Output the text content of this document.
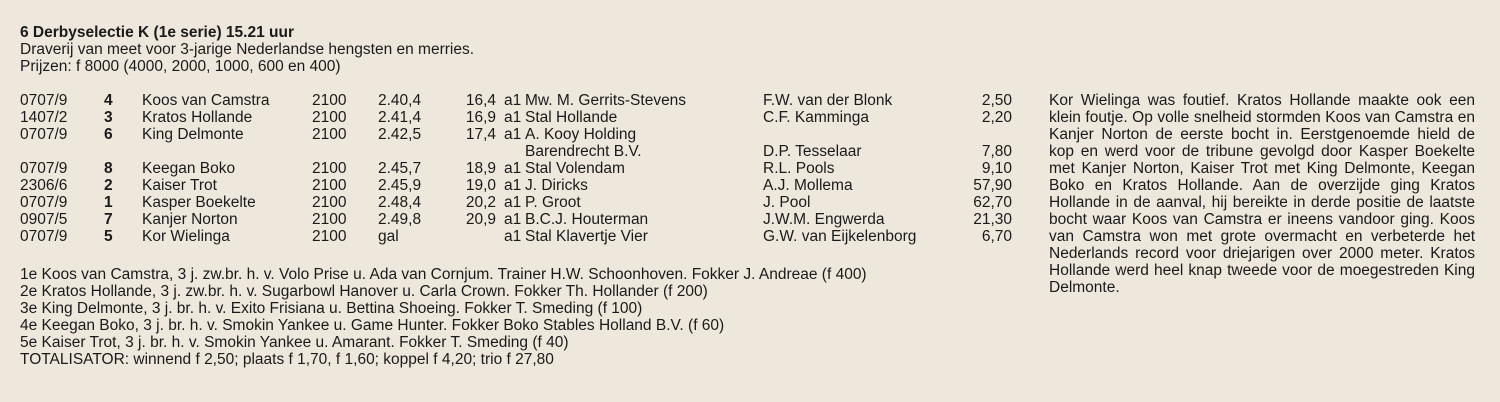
6 Derbyselectie K (1e serie) 15.21 uur
Draverij van meet voor 3-jarige Nederlandse hengsten en merries.
Prijzen: f 8000 (4000, 2000, 1000, 600 en 400)
0707/9 4	Koos van Camstra	2100 2.40,4	16,4 a1 Mw. M. Gerrits-Stevens	F.W. van der Blonk	2,50
1407/2 3	Kratos Hollande	2100 2.41,4	16,9 a1 Stal Hollande	C.F. Kamminga	2,20
0707/9 6	King Delmonte	2100 2.42,5	17,4 a1 A. Kooy Holding
Barendrecht B.V.	D.P. Tesselaar	7,80
0707/9 8	Keegan Boko	2100 2.45,7	18,9 a1 Stal Volendam	R.L. Pools	9,10
2306/6 2	Kaiser Trot	2100 2.45,9	19,0 a1 J. Diricks	A.J. Mollema	57,90
0707/9 1	Kasper Boekelte	2100 2.48,4	20,2 a1 P. Groot	J. Pool	62,70
0907/5 7	Kanjer Norton	2100 2.49,8	20,9 a1 B.C.J. Houterman	J.W.M. Engwerda	21,30
0707/9 5	Kor Wielinga	2100 gal	a1 Stal Klavertje Vier	G.W. van Eijkelenborg	6,70
1e Koos van Camstra, 3 j. zw.br. h. v. Volo Prise u. Ada van Cornjum. Trainer H.W. Schoonhoven. Fokker J. Andreae (f 400)
2e Kratos Hollande, 3 j. zw.br. h. v. Sugarbowl Hanover u. Carla Crown. Fokker Th. Hollander (f 200)
3e King Delmonte, 3 j. br. h. v. Exito Frisiana u. Bettina Shoeing. Fokker T. Smeding (f 100)
4e Keegan Boko, 3 j. br. h. v. Smokin Yankee u. Game Hunter. Fokker Boko Stables Holland B.V. (f 60)
5e Kaiser Trot, 3 j. br. h. v. Smokin Yankee u. Amarant. Fokker T. Smeding (f 40)
TOTALISATOR: winnend f 2,50; plaats f 1,70, f 1,60; koppel f 4,20; trio f 27,80
Kor Wielinga was foutief. Kratos Hollande maakte ook een klein foutje. Op volle snelheid stormden Koos van Camstra en Kanjer Norton de eerste bocht in. Eerstgenoemde hield de kop en werd voor de tribune gevolgd door Kasper Boekelte met Kanjer Norton, Kaiser Trot met King Delmonte, Keegan Boko en Kratos Hollande. Aan de overzijde ging Kratos Hollande in de aanval, hij bereikte in derde positie de laatste bocht waar Koos van Camstra er ineens vandoor ging. Koos van Camstra won met grote overmacht en verbeterde het Nederlands record voor driejarigen over 2000 meter. Kratos Hollande werd heel knap tweede voor de moegestreden King Delmonte.
